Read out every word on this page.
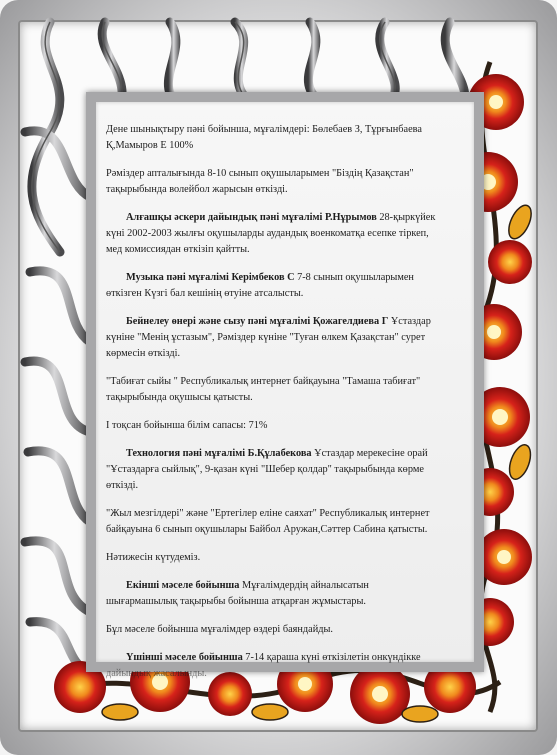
Дене шынықтыру пәні бойынша, мұғалімдері: Бөлебаев З, Тұрғынбаева
Қ,Мамыров Е 100%

Рәміздер апталығында 8-10 сынып оқушыларымен "Біздің Қазақстан"
тақырыбында волейбол жарысын өткізді.

Алғашқы әскери дайындық пәні мұғалімі Р.Нұрымов 28-қыркүйек
күні 2002-2003 жылғы оқушыларды аудандық военкоматқа есепке тіркеп,
мед комиссиядан өткізіп қайтты.

Музыка пәні мұғалімі Керімбеков С 7-8 сынып оқушыларымен
өткізген Күзгі бал кешінің өтуіне атсалысты.

Бейнелеу өнері және сызу пәні мұғалімі Қожагелдиева Г Ұстаздар
күніне "Менің ұстазым", Рәміздер күніне "Туған өлкем Қазақстан" сурет
көрмесін өткізді.

"Табиғат сыйы " Республикалық интернет байқауына "Тамаша табиғат"
тақырыбында оқушысы қатысты.

І тоқсан бойынша білім сапасы: 71%

Технология пәні мұғалімі Б.Құлабекова Ұстаздар мерекесіне орай
"Ұстаздарға сыйлық", 9-қазан күні "Шебер қолдар" тақырыбында көрме
өткізді.

"Жыл мезгілдері" және "Ертегілер еліне саяхат" Республикалық интернет
байқауына 6 сынып оқушылары Байбол Аружан,Сәттер Сабина қатысты.

Нәтижесін күтудеміз.

Екінші мәселе бойынша Мұғалімдердің айналысатын
шығармашылық тақырыбы бойынша атқарған жұмыстары.

Бұл мәселе бойынша мұғалімдер өздері баяндайды.

Үшінші мәселе бойынша 7-14 қараша күні өткізілетін онкүндікке
дайындық жасалынды.
